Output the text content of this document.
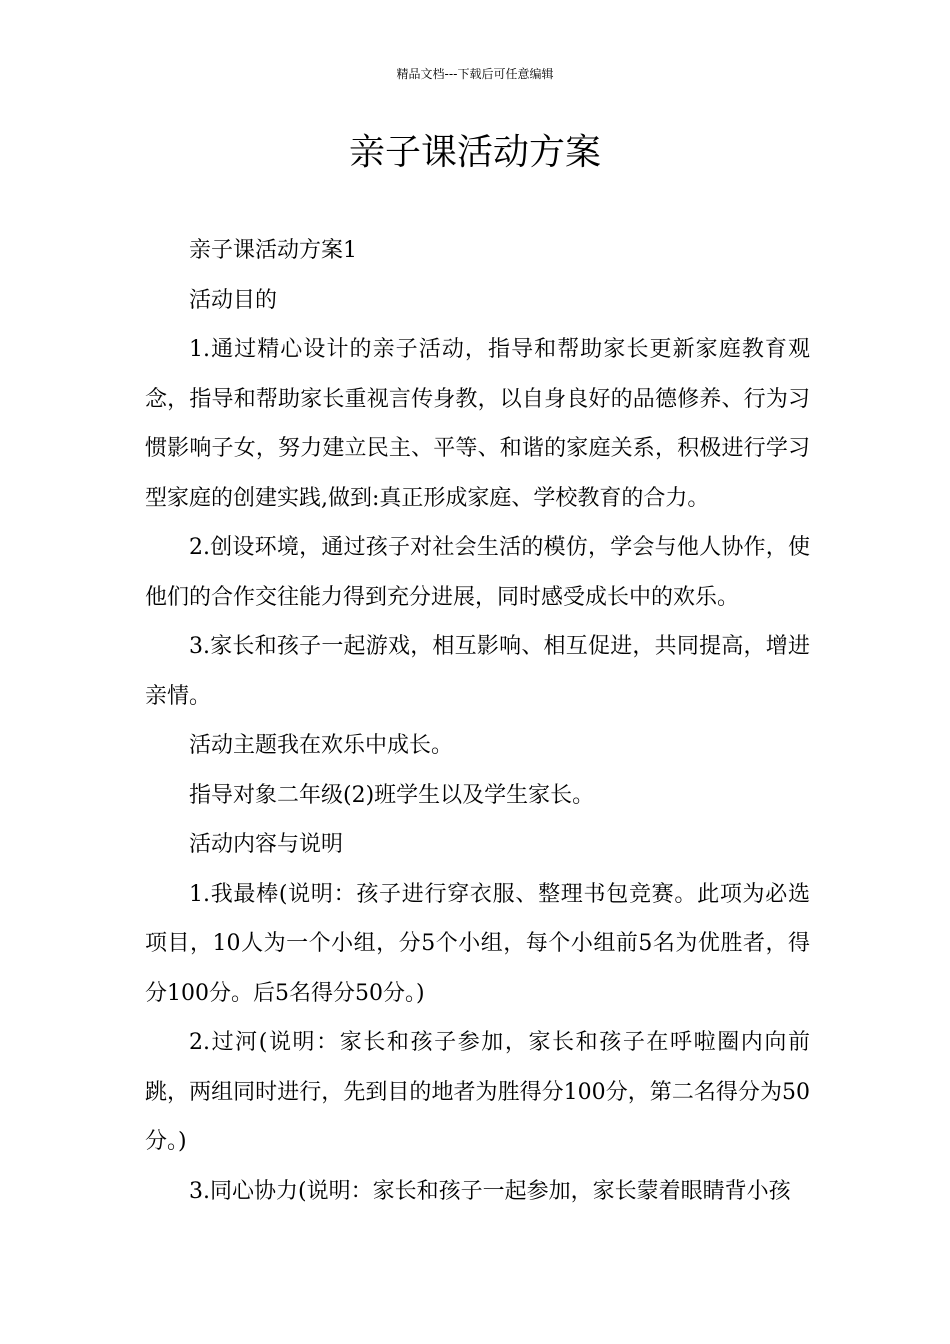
精品文档---下载后可任意编辑
亲子课活动方案

亲子课活动方案1

活动目的

1.通过精心设计的亲子活动，指导和帮助家长更新家庭教育观念，指导和帮助家长重视言传身教，以自身良好的品德修养、行为习惯影响子女，努力建立民主、平等、和谐的家庭关系，积极进行学习型家庭的创建实践,做到:真正形成家庭、学校教育的合力。

2.创设环境，通过孩子对社会生活的模仿，学会与他人协作，使他们的合作交往能力得到充分进展，同时感受成长中的欢乐。

3.家长和孩子一起游戏，相互影响、相互促进，共同提高，增进亲情。

活动主题我在欢乐中成长。

指导对象二年级(2)班学生以及学生家长。

活动内容与说明

1.我最棒(说明：孩子进行穿衣服、整理书包竞赛。此项为必选项目，10人为一个小组，分5个小组，每个小组前5名为优胜者，得分100分。后5名得分50分。)

2.过河(说明：家长和孩子参加，家长和孩子在呼啦圈内向前跳，两组同时进行，先到目的地者为胜得分100分，第二名得分为50分。)

3.同心协力(说明：家长和孩子一起参加，家长蒙着眼睛背小孩
